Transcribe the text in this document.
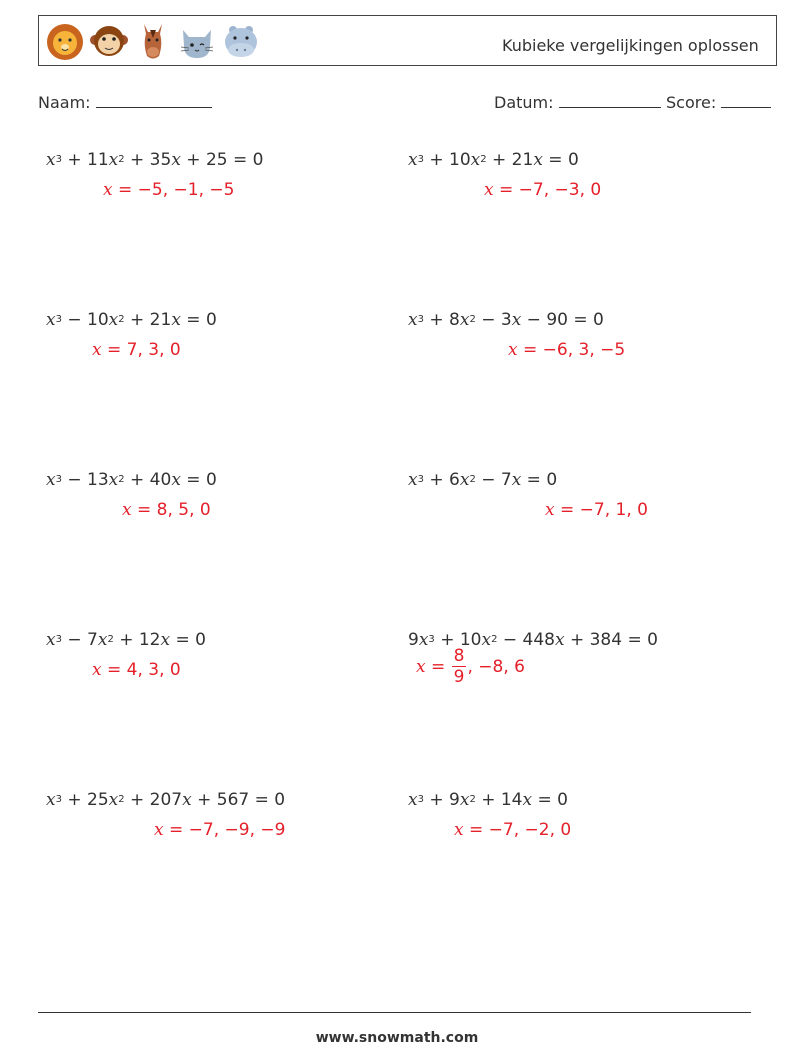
Kubieke vergelijkingen oplossen
Naam:	Datum:	Score:
$x^3 + 11x^2 + 35x + 25 = 0$
x = −5, −1, −5
$x^3 + 10x^2 + 21x = 0$
x = −7, −3, 0
$x^3 - 10x^2 + 21x = 0$
x = 7, 3, 0
$x^3 + 8x^2 - 3x - 90 = 0$
x = −6, 3, −5
$x^3 - 13x^2 + 40x = 0$
x = 8, 5, 0
$x^3 + 6x^2 - 7x = 0$
x = −7, 1, 0
$x^3 - 7x^2 + 12x = 0$
x = 4, 3, 0
$9x^3 + 10x^2 - 448x + 384 = 0$
$x = \frac{8}{9}$ , −8, 6
$x^3 + 25x^2 + 207x + 567 = 0$
x = −7, −9, −9
$x^3 + 9x^2 + 14x = 0$
x = −7, −2, 0
www.snowmath.com
